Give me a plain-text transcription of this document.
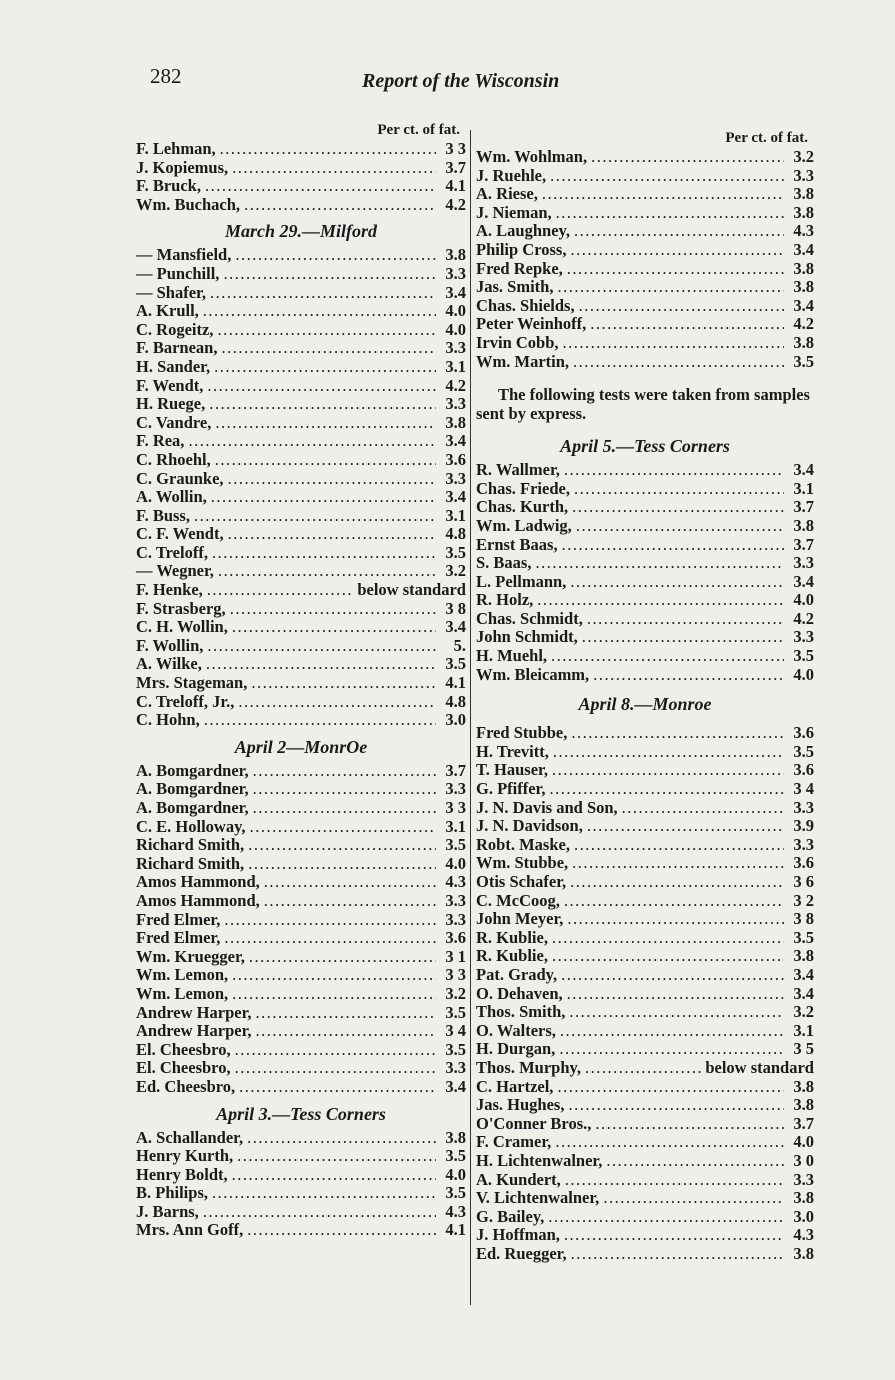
282	Report of the Wisconsin
Per ct. of fat.
F. Lehman, .....	3 3
J. Kopiemus, .....	3.7
F. Bruck, .....	4.1
Wm. Buchach, .....	4.2
March 29.—Milford
— Mansfield, .....	3.8
— Punchill, .....	3.3
— Shafer, .....	3.4
A. Krull, .....	4.0
C. Rogeitz, .....	4.0
F. Barnean, .....	3.3
H. Sander, .....	3.1
F. Wendt, .....	4.2
H. Ruege, .....	3.3
C. Vandre, .....	3.8
F. Rea, .....	3.4
C. Rhoehl, .....	3.6
C. Graunke, .....	3.3
A. Wollin, .....	3.4
F. Buss, .....	3.1
C. F. Wendt, .....	4.8
C. Treloff, .....	3.5
— Wegner, .....	3.2
F. Henke, .....	below standard
F. Strasberg, .....	3 8
C. H. Wollin, .....	3.4
F. Wollin, .....	5.
A. Wilke, .....	3.5
Mrs. Stageman, .....	4.1
C. Treloff, Jr., .....	4.8
C. Hohn, .....	3.0
April 2—MonrOe
A. Bomgardner, .....	3.7
A. Bomgardner, .....	3.3
A. Bomgardner, .....	3 3
C. E. Holloway, .....	3.1
Richard Smith, .....	3.5
Richard Smith, .....	4.0
Amos Hammond, .....	4.3
Amos Hammond, .....	3.3
Fred Elmer, .....	3.3
Fred Elmer, .....	3.6
Wm. Kruegger, .....	3 1
Wm. Lemon, .....	3 3
Wm. Lemon, .....	3.2
Andrew Harper, .....	3.5
Andrew Harper, .....	3 4
El. Cheesbro, .....	3.5
El. Cheesbro, .....	3.3
Ed. Cheesbro, .....	3.4
April 3.—Tess Corners
A. Schallander, .....	3.8
Henry Kurth, .....	3.5
Henry Boldt, .....	4.0
B. Philips, .....	3.5
J. Barns, .....	4.3
Mrs. Ann Goff, .....	4.1
Per ct. of fat.
Wm. Wohlman, .....	3.2
J. Ruehle, .....	3.3
A. Riese, .....	3.8
J. Nieman, .....	3.8
A. Laughney, .....	4.3
Philip Cross, .....	3.4
Fred Repke, .....	3.8
Jas. Smith, .....	3.8
Chas. Shields, .....	3.4
Peter Weinhoff, .....	4.2
Irvin Cobb, .....	3.8
Wm. Martin, .....	3.5
The following tests were taken from samples sent by express.
April 5.—Tess Corners
R. Wallmer, .....	3.4
Chas. Friede, .....	3.1
Chas. Kurth, .....	3.7
Wm. Ladwig, .....	3.8
Ernst Baas, .....	3.7
S. Baas, .....	3.3
L. Pellmann, .....	3.4
R. Holz, .....	4.0
Chas. Schmidt, .....	4.2
John Schmidt, .....	3.3
H. Muehl, .....	3.5
Wm. Bleicamm, .....	4.0
April 8.—Monroe
Fred Stubbe, .....	3.6
H. Trevitt, .....	3.5
T. Hauser, .....	3.6
G. Pfiffer, .....	3 4
J. N. Davis and Son, .....	3.3
J. N. Davidson, .....	3.9
Robt. Maske, .....	3.3
Wm. Stubbe, .....	3.6
Otis Schafer, .....	3 6
C. McCoog, .....	3 2
John Meyer, .....	3 8
R. Kublie, .....	3.5
R. Kublie, .....	3.8
Pat. Grady, .....	3.4
O. Dehaven, .....	3.4
Thos. Smith, .....	3.2
O. Walters, .....	3.1
H. Durgan, .....	3 5
Thos. Murphy, .....	below standard
C. Hartzel, .....	3.8
Jas. Hughes, .....	3.8
O'Conner Bros., .....	3.7
F. Cramer, .....	4.0
H. Lichtenwalner, .....	3 0
A. Kundert, .....	3.3
V. Lichtenwalner, .....	3.8
G. Bailey, .....	3.0
J. Hoffman, .....	4.3
Ed. Ruegger, .....	3.8
